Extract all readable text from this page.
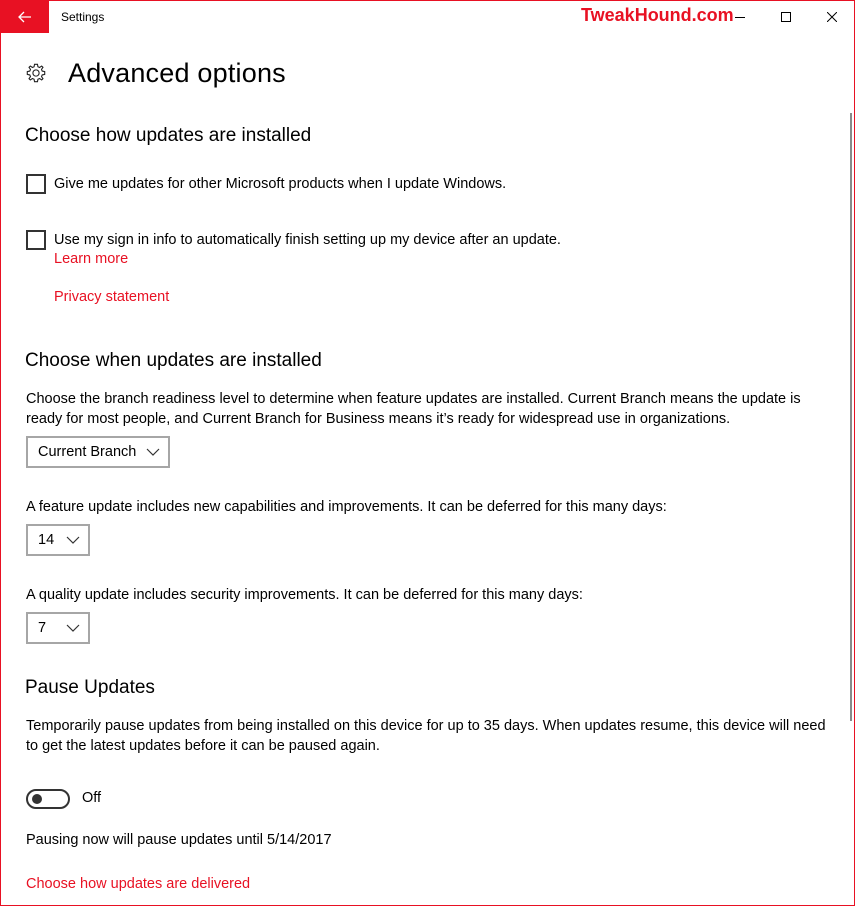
Settings	TweakHound.com
Advanced options
Choose how updates are installed
Give me updates for other Microsoft products when I update Windows.
Use my sign in info to automatically finish setting up my device after an update.
Learn more
Privacy statement
Choose when updates are installed

Choose the branch readiness level to determine when feature updates are installed. Current Branch means the update is ready for most people, and Current Branch for Business means it’s ready for widespread use in organizations.

Current Branch

A feature update includes new capabilities and improvements. It can be deferred for this many days:

14

A quality update includes security improvements. It can be deferred for this many days:

7
Pause Updates

Temporarily pause updates from being installed on this device for up to 35 days. When updates resume, this device will need to get the latest updates before it can be paused again.

Off

Pausing now will pause updates until 5/14/2017

Choose how updates are delivered
